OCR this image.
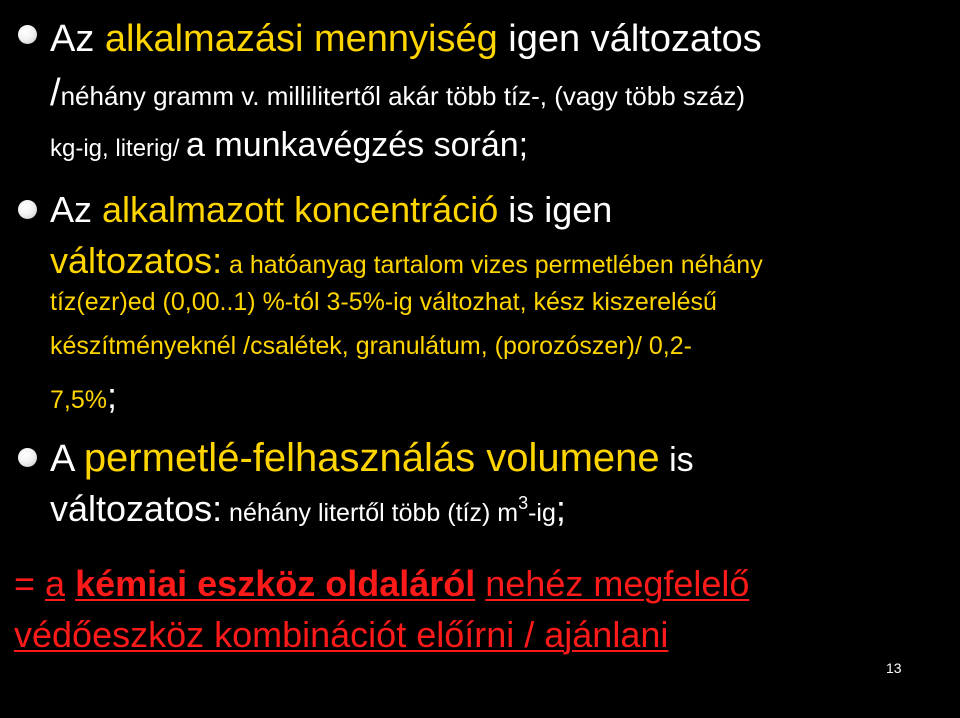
Az alkalmazási mennyiség igen változatos
/néhány gramm v. millilitertől akár több tíz-, (vagy több száz)
kg-ig, literig/ a munkavégzés során;
Az alkalmazott koncentráció is igen
változatos: a hatóanyag tartalom vizes permetlében néhány
tíz(ezr)ed (0,00..1) %-tól 3-5%-ig változhat, kész kiszerelésű
készítményeknél /csalétek, granulátum, (porozószer)/ 0,2-
7,5%;
A permetlé-felhasználás volumene is
változatos: néhány litertől több (tíz) m3-ig;
= a kémiai eszköz oldaláról nehéz megfelelő
védőeszköz kombinációt előírni / ajánlani
13
